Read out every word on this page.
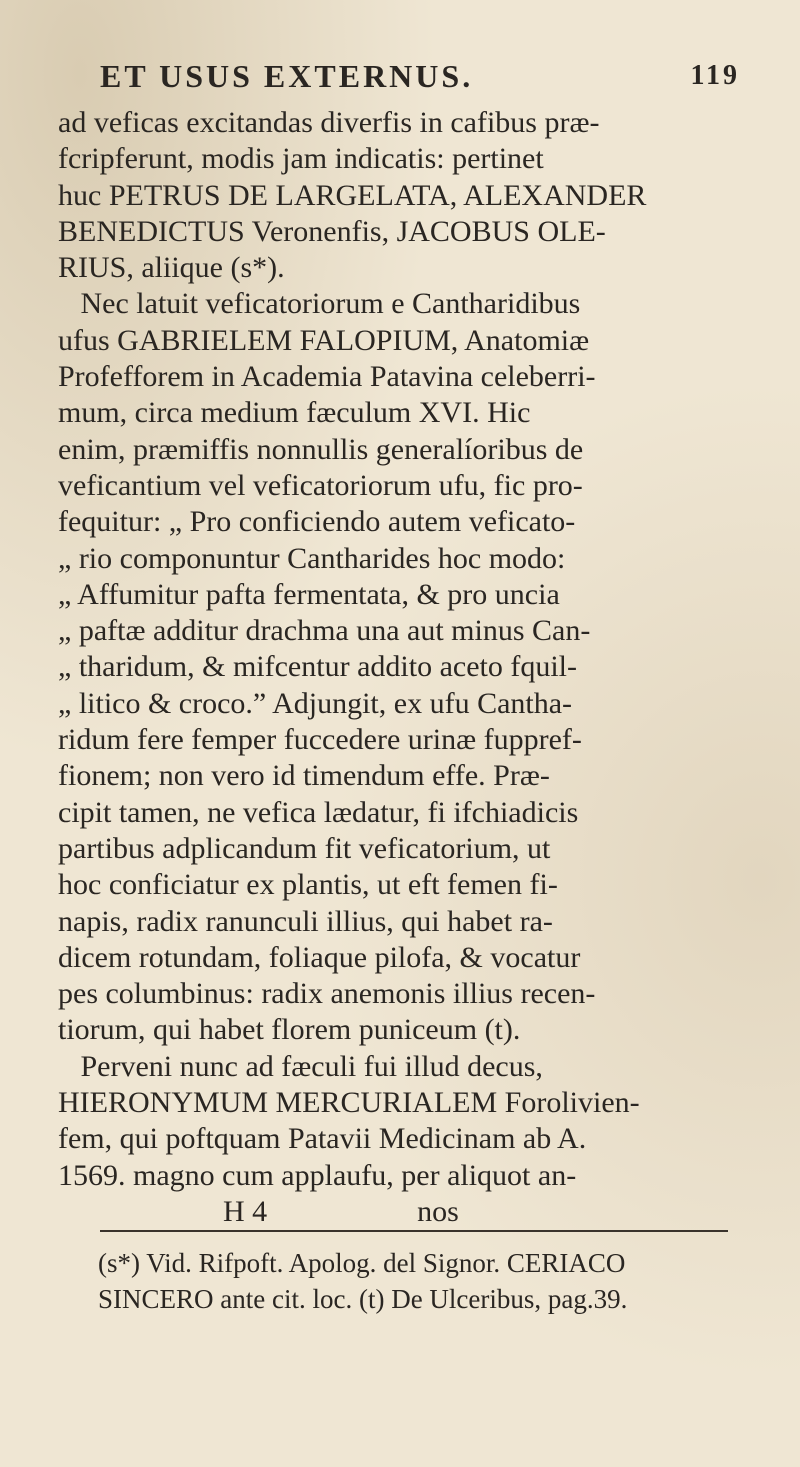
ET USUS EXTERNUS.	119
ad veficas excitandas diverfis in cafibus præ-
fcripferunt, modis jam indicatis: pertinet
huc PETRUS DE LARGELATA, ALEXANDER
BENEDICTUS Veronenfis, JACOBUS OLE-
RIUS, aliique (s*).
Nec latuit veficatoriorum e Cantharidibus
ufus GABRIELEM FALOPIUM, Anatomiæ
Profefforem in Academia Patavina celeberri-
mum, circa medium fæculum XVI. Hic
enim, præmiffis nonnullis generalíoribus de
veficantium vel veficatoriorum ufu, fic pro-
fequitur: „ Pro conficiendo autem veficato-
„ rio componuntur Cantharides hoc modo:
„ Affumitur pafta fermentata, & pro uncia
„ paftæ additur drachma una aut minus Can-
„ tharidum, & mifcentur addito aceto fquil-
„ litico & croco.” Adjungit, ex ufu Cantha-
ridum fere femper fuccedere urinæ fuppref-
fionem; non vero id timendum effe. Præ-
cipit tamen, ne vefica lædatur, fi ifchiadicis
partibus adplicandum fit veficatorium, ut
hoc conficiatur ex plantis, ut eft femen fi-
napis, radix ranunculi illius, qui habet ra-
dicem rotundam, foliaque pilofa, & vocatur
pes columbinus: radix anemonis illius recen-
tiorum, qui habet florem puniceum (t).
Perveni nunc ad fæculi fui illud decus,
HIERONYMUM MERCURIALEM Forolivien-
fem, qui poftquam Patavii Medicinam ab A.
1569. magno cum applaufu, per aliquot an-
H 4                    nos
(s*) Vid. Rifpoft. Apolog. del Signor. CERIACO
SINCERO ante cit. loc. (t) De Ulceribus, pag.39.
